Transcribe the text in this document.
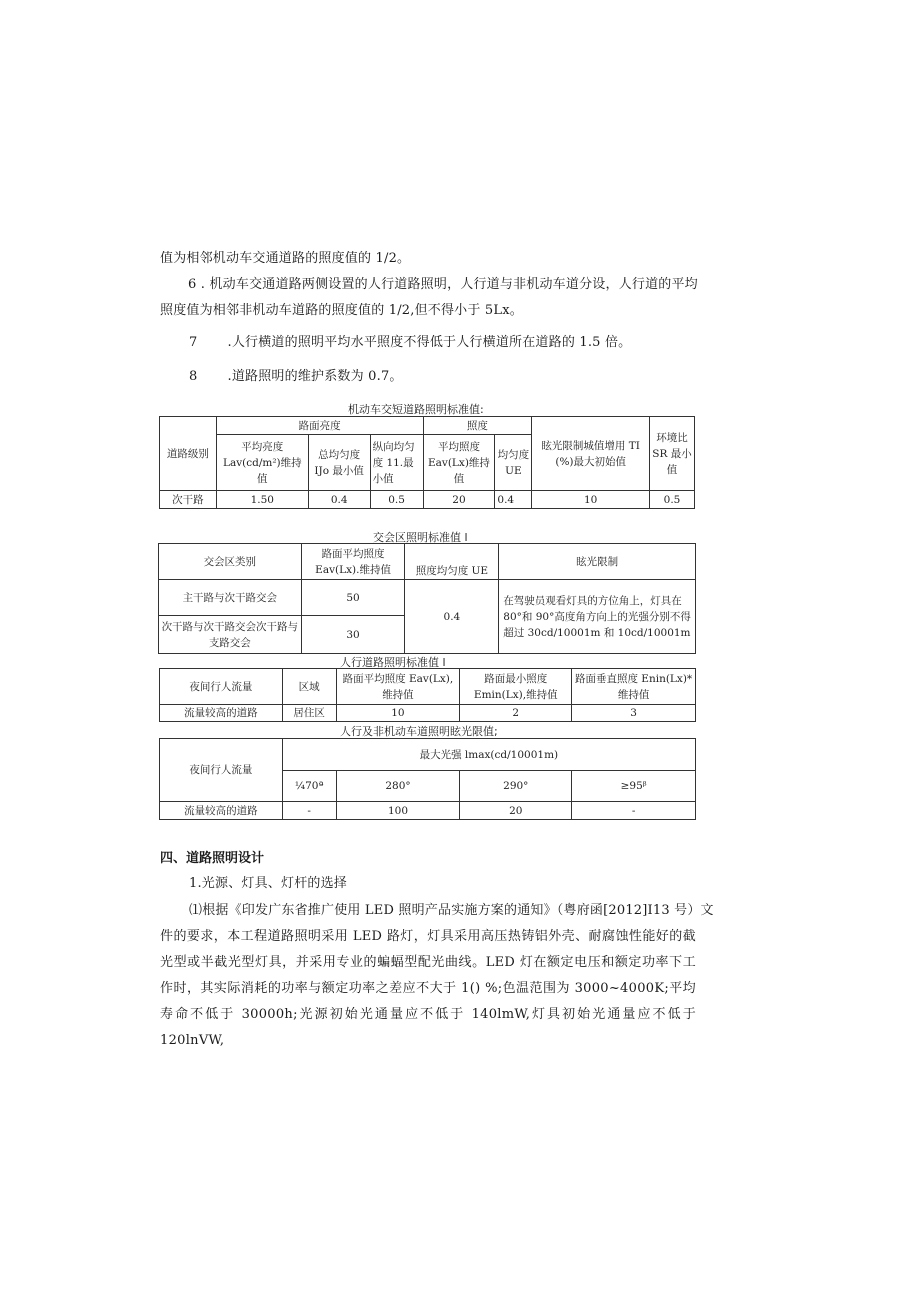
值为相邻机动车交通道路的照度值的 1/2。
6 . 机动车交通道路两侧设置的人行道路照明，人行道与非机动车道分设，人行道的平均
照度值为相邻非机动车道路的照度值的 1/2,但不得小于 5Lx。
7 .人行横道的照明平均水平照度不得低于人行横道所在道路的 1.5 倍。
8 .道路照明的维护系数为 0.7。
机动车交短道路照明标准值:
道路级别	路面亮度			照度		眩光限制城值增用 TI (%)最大初始值	环境比 SR 最小值
	平均亮度 Lav(cd/m²)维持值	总均匀度 IJo 最小值	纵向均匀度 11.最小值	平均照度 Eav(Lx)维持值	均匀度 UE		
次干路	1.50	0.4	0.5	20	0.4	10	0.5
交会区照明标准值 l
交会区类别	路面平均照度 Eav(Lx).维持值	照度均匀度 UE	眩光限制
主干路与次干路交会	50	0.4	在驾驶员观看灯具的方位角上，灯具在 80°和 90°高度角方向上的光强分别不得超过 30cd/10001m 和 10cd/10001m
次干路与次干路交会次干路与支路交会	30		
人行道路照明标准值 l
夜间行人流量	区域	路面平均照度 Eav(Lx),维持值	路面最小照度 Emin(Lx),维持值	路面垂直照度 Enin(Lx)*维持值
流量较高的道路	居住区	10	2	3
人行及非机动车道照明眩光限值;
夜间行人流量	最大光强 lmax(cd/10001m)			
	¼70ª	280°	290°	≥95ᵝ
流量较高的道路	-	100	20	-
四、道路照明设计
1.光源、灯具、灯杆的选择
⑴根据《印发广东省推广使用 LED 照明产品实施方案的通知》（粤府函[2012]I13 号）文
件的要求，本工程道路照明采用 LED 路灯，灯具采用高压热铸铝外壳、耐腐蚀性能好的截光型或半截光型灯具，并采用专业的蝙蝠型配光曲线。LED 灯在额定电压和额定功率下工作时，其实际消耗的功率与额定功率之差应不大于 1() %;色温范围为 3000~4000K;平均寿命不低于 30000h;光源初始光通量应不低于 140lmW,灯具初始光通量应不低于 120lnVW,
